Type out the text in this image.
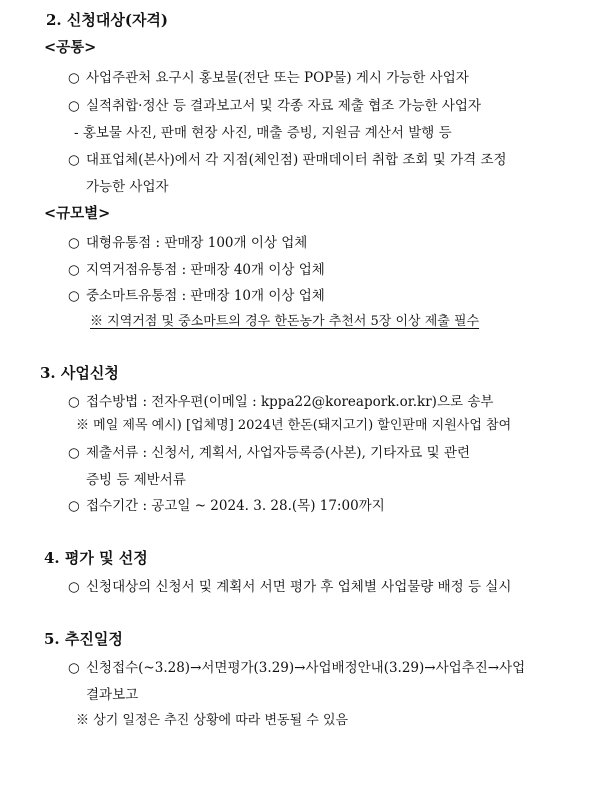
2. 신청대상(자격)
<공통>
○ 사업주관처 요구시 홍보물(전단 또는 POP물) 게시 가능한 사업자
○ 실적취합·정산 등 결과보고서 및 각종 자료 제출 협조 가능한 사업자
- 홍보물 사진, 판매 현장 사진, 매출 증빙, 지원금 계산서 발행 등
○ 대표업체(본사)에서 각 지점(체인점) 판매데이터 취합 조회 및 가격 조정
가능한 사업자
<규모별>
○ 대형유통점 : 판매장 100개 이상 업체
○ 지역거점유통점 : 판매장 40개 이상 업체
○ 중소마트유통점 : 판매장 10개 이상 업체
※ 지역거점 및 중소마트의 경우 한돈농가 추천서 5장 이상 제출 필수
3. 사업신청
○ 접수방법 : 전자우편(이메일 : kppa22@koreapork.or.kr)으로 송부
※ 메일 제목 예시) [업체명] 2024년 한돈(돼지고기) 할인판매 지원사업 참여
○ 제출서류 : 신청서, 계획서, 사업자등록증(사본), 기타자료 및 관련
증빙 등 제반서류
○ 접수기간 : 공고일 ~ 2024. 3. 28.(목) 17:00까지
4. 평가 및 선정
○ 신청대상의 신청서 및 계획서 서면 평가 후 업체별 사업물량 배정 등 실시
5. 추진일정
○ 신청접수(~3.28)→서면평가(3.29)→사업배정안내(3.29)→사업추진→사업
결과보고
※ 상기 일정은 추진 상황에 따라 변동될 수 있음
